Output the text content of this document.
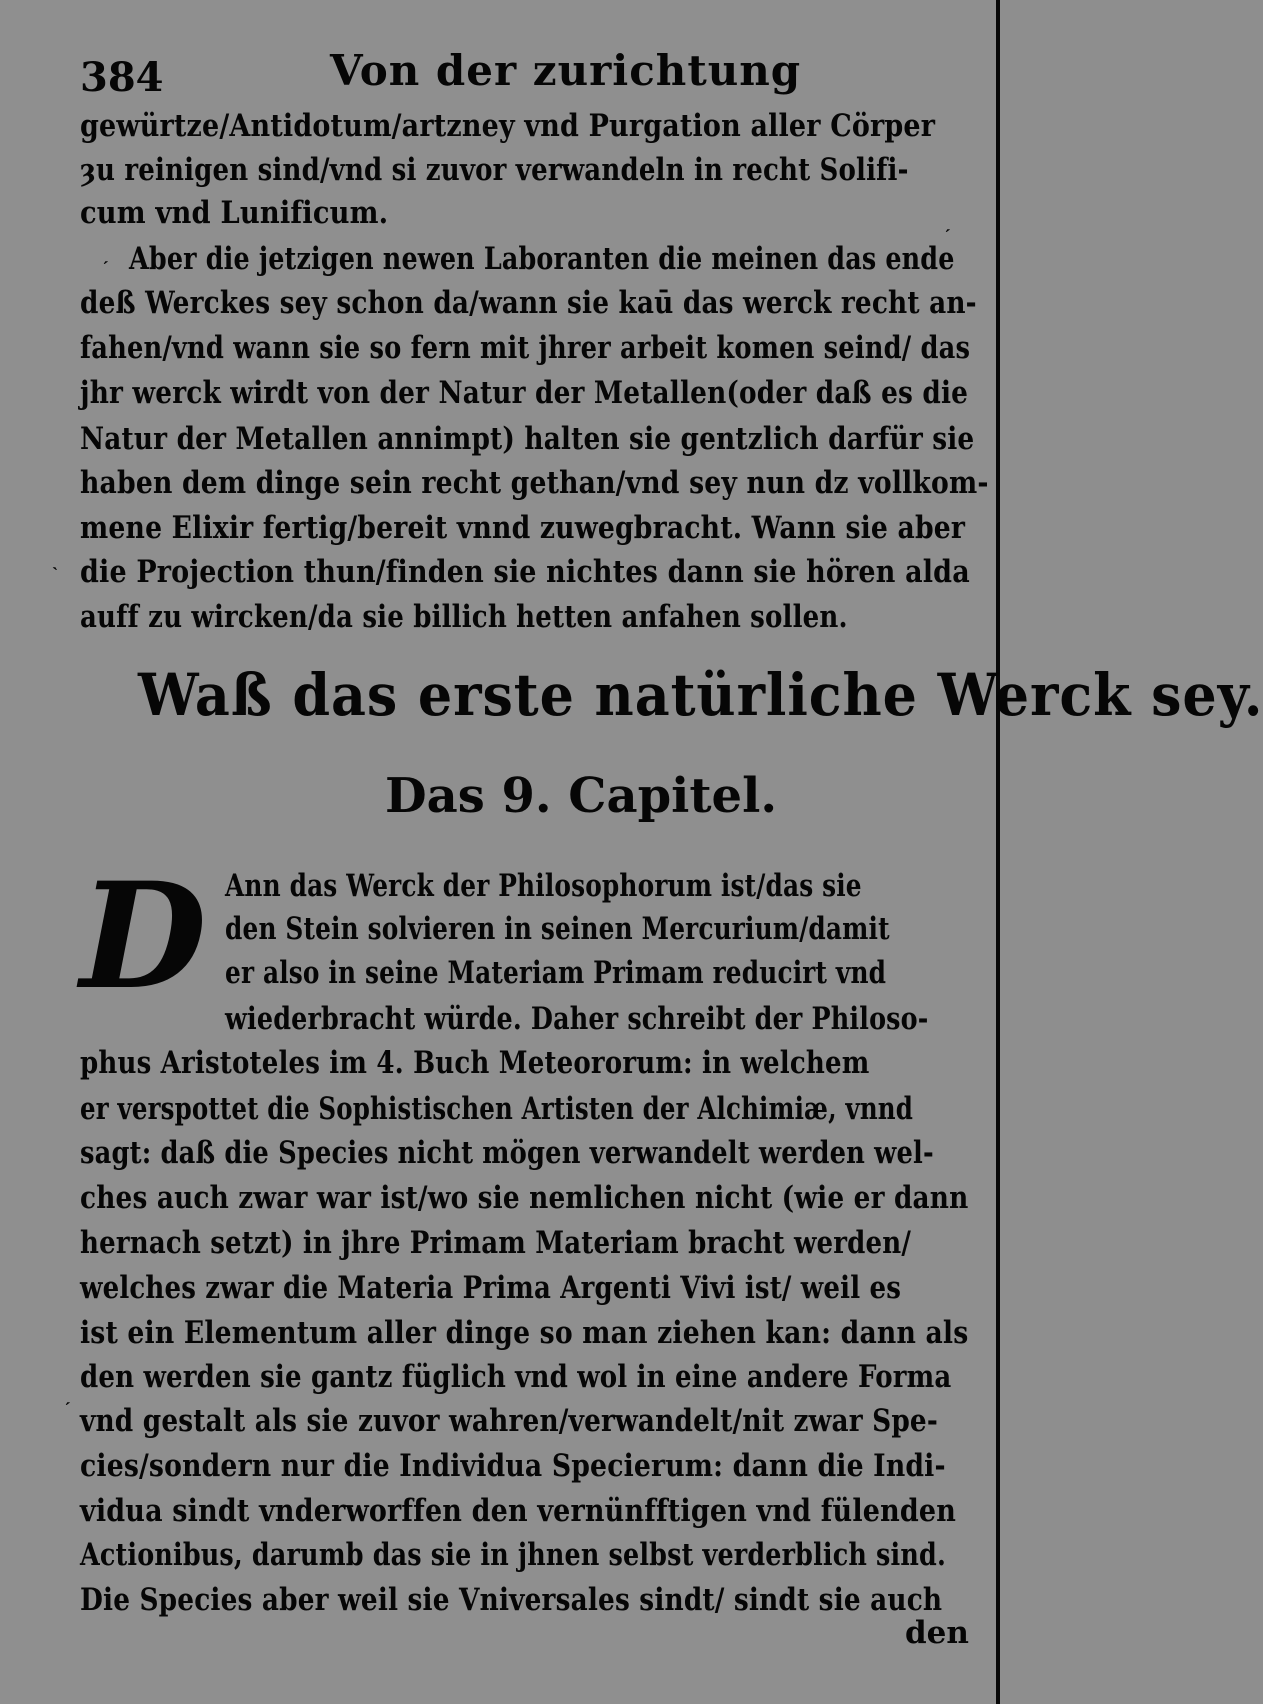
384	Von der zurichtung
gewürtze/Antidotum/artzney vnd Purgation aller Cörper
ȝu reinigen sind/vnd si zuvor verwandeln in recht Solifi-
cum vnd Lunificum.
Aber die jetzigen newen Laboranten die meinen das ende
deß Werckes sey schon da/wann sie kaū das werck recht an-
fahen/vnd wann sie so fern mit jhrer arbeit komen seind/ das
jhr werck wirdt von der Natur der Metallen(oder daß es die
Natur der Metallen annimpt) halten sie gentzlich darfür sie
haben dem dinge sein recht gethan/vnd sey nun dz vollkom-
mene Elixir fertig/bereit vnnd zuwegbracht. Wann sie aber
die Projection thun/finden sie nichtes dann sie hören alda
auff zu wircken/da sie billich hetten anfahen sollen.
Waß das erste natürliche Werck sey.
Das 9. Capitel.
D Ann das Werck der Philosophorum ist/das sie
den Stein solvieren in seinen Mercurium/damit
er also in seine Materiam Primam reducirt vnd
wiederbracht würde. Daher schreibt der Philoso-
phus Aristoteles im 4. Buch Meteororum: in welchem
er verspottet die Sophistischen Artisten der Alchimiæ, vnnd
sagt: daß die Species nicht mögen verwandelt werden wel-
ches auch zwar war ist/wo sie nemlichen nicht (wie er dann
hernach setzt) in jhre Primam Materiam bracht werden/
welches zwar die Materia Prima Argenti Vivi ist/ weil es
ist ein Elementum aller dinge so man ziehen kan: dann als
den werden sie gantz füglich vnd wol in eine andere Forma
vnd gestalt als sie zuvor wahren/verwandelt/nit zwar Spe-
cies/sondern nur die Individua Specierum: dann die Indi-
vidua sindt vnderworffen den vernünfftigen vnd fülenden
Actionibus, darumb das sie in jhnen selbst verderblich sind.
Die Species aber weil sie Vniversales sindt/ sindt sie auch
den
ˏ
ˎ
ˏ
ˏ
